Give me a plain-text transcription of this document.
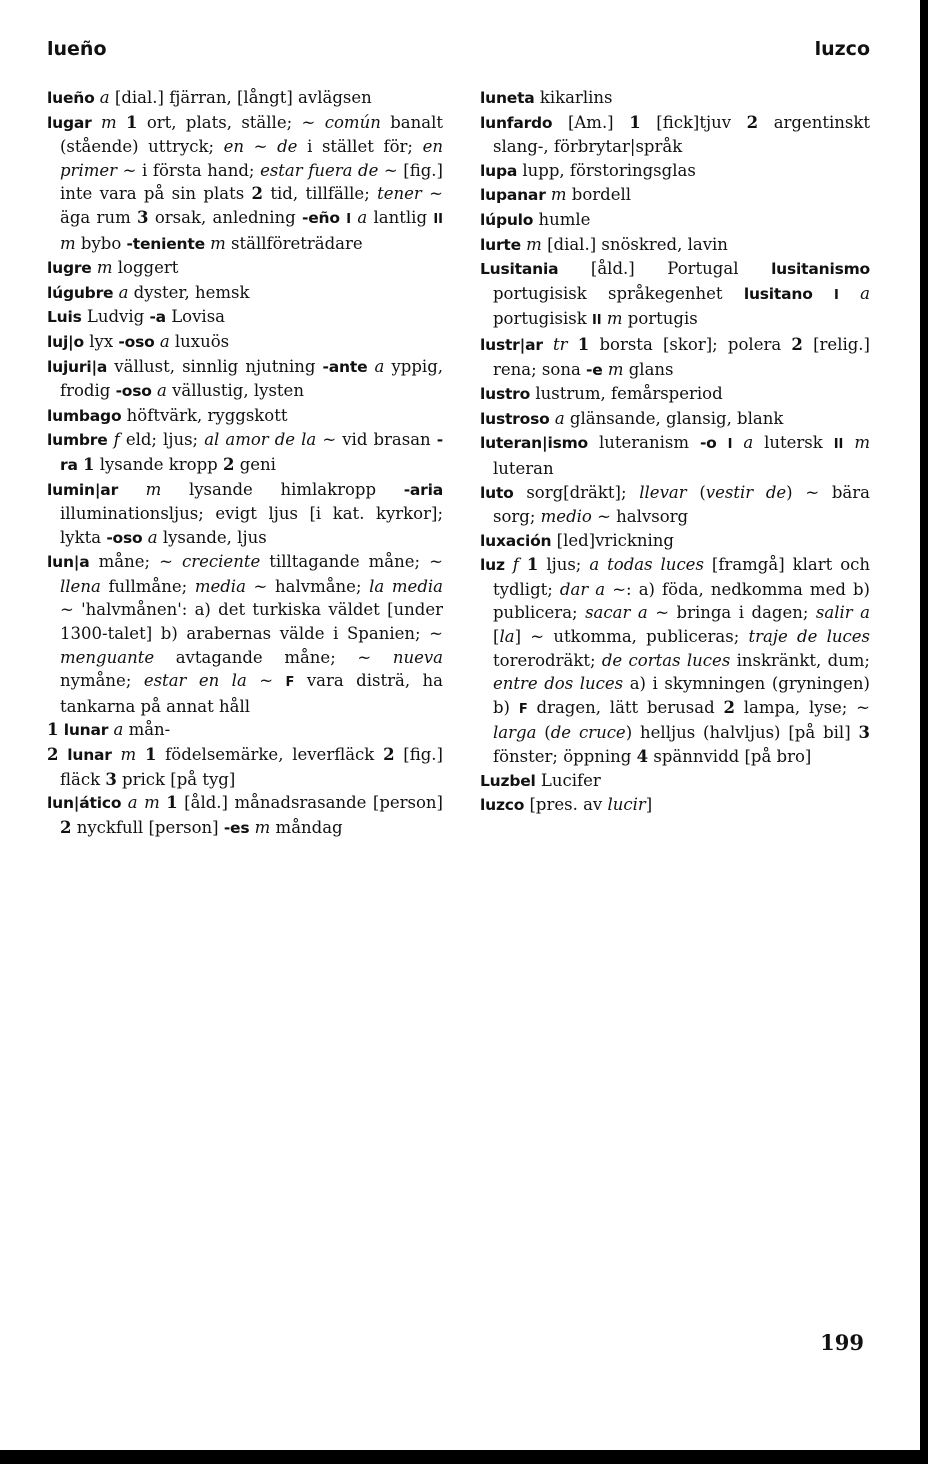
lueño	luzco

lueño a [dial.] fjärran, [långt] avlägsen

lugar m 1 ort, plats, ställe; ~ común banalt (stående) uttryck; en ~ de i stället för; en primer ~ i första hand; estar fuera de ~ [fig.] inte vara på sin plats 2 tid, tillfälle; tener ~ äga rum 3 orsak, anledning -eño I a lantlig II m bybo -teniente m ställföreträdare

lugre m loggert

lúgubre a dyster, hemsk

Luis Ludvig -a Lovisa

luj|o lyx -oso a luxuös

lujuri|a vällust, sinnlig njutning -ante a yppig, frodig -oso a vällustig, lysten

lumbago höftvärk, ryggskott

lumbre f eld; ljus; al amor de la ~ vid brasan -ra 1 lysande kropp 2 geni

lumin|ar m lysande himlakropp -aria illuminationsljus; evigt ljus [i kat. kyrkor]; lykta -oso a lysande, ljus

lun|a måne; ~ creciente tilltagande måne; ~ llena fullmåne; media ~ halvmåne; la media ~ 'halvmånen': a) det turkiska väldet [under 1300-talet] b) arabernas välde i Spanien; ~ menguante avtagande måne; ~ nueva nymåne; estar en la ~ F vara disträ, ha tankarna på annat håll

1 lunar a mån-

2 lunar m 1 födelsemärke, leverfläck 2 [fig.] fläck 3 prick [på tyg]

lun|ático a m 1 [åld.] månadsrasande [person] 2 nyckfull [person] -es m måndag

luneta kikarlins

lunfardo [Am.] 1 [fick]tjuv 2 argentinskt slang-, förbrytar|språk

lupa lupp, förstoringsglas

lupanar m bordell

lúpulo humle

lurte m [dial.] snöskred, lavin

Lusitania [åld.] Portugal lusitanismo portugisisk språkegenhet lusitano I a portugisisk II m portugis

lustr|ar tr 1 borsta [skor]; polera 2 [relig.] rena; sona -e m glans

lustro lustrum, femårsperiod

lustroso a glänsande, glansig, blank

luteran|ismo luteranism -o I a lutersk II m luteran

luto sorg[dräkt]; llevar (vestir de) ~ bära sorg; medio ~ halvsorg

luxación [led]vrickning

luz f 1 ljus; a todas luces [framgå] klart och tydligt; dar a ~: a) föda, nedkomma med b) publicera; sacar a ~ bringa i dagen; salir a [la] ~ utkomma, publiceras; traje de luces torerodräkt; de cortas luces inskränkt, dum; entre dos luces a) i skymningen (gryningen) b) F dragen, lätt berusad 2 lampa, lyse; ~ larga (de cruce) helljus (halvljus) [på bil] 3 fönster; öppning 4 spännvidd [på bro]

Luzbel Lucifer

luzco [pres. av lucir]

199
